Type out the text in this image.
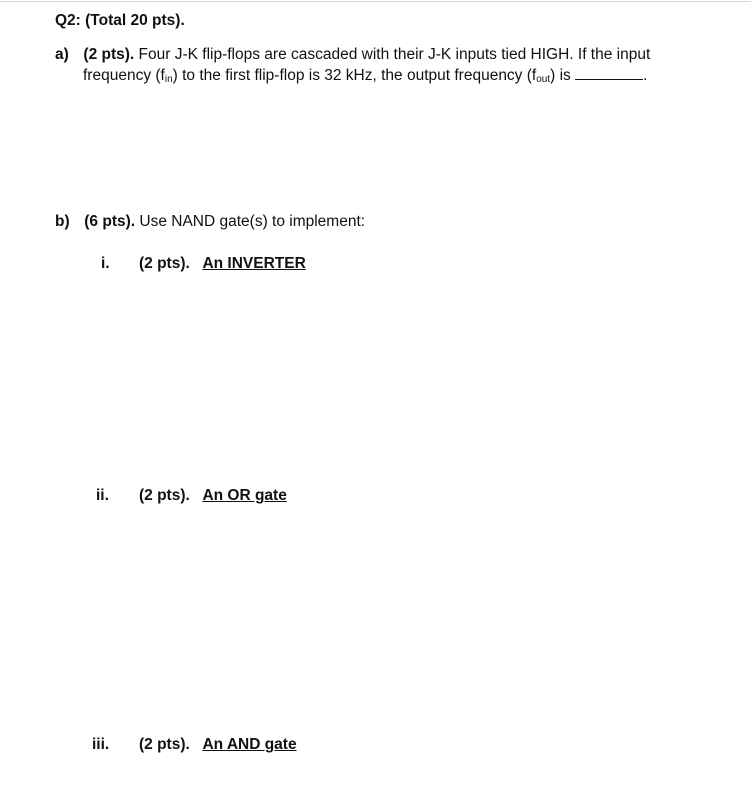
Q2: (Total 20 pts).
a) (2 pts). Four J-K flip-flops are cascaded with their J-K inputs tied HIGH. If the input
frequency $(f_{in})$ to the first flip-flop is 32 kHz, the output frequency $(f_{out})$ is	.
b) (6 pts). Use NAND gate(s) to implement:
i. (2 pts). An INVERTER
ii. (2 pts). An OR gate
iii. (2 pts). An AND gate
